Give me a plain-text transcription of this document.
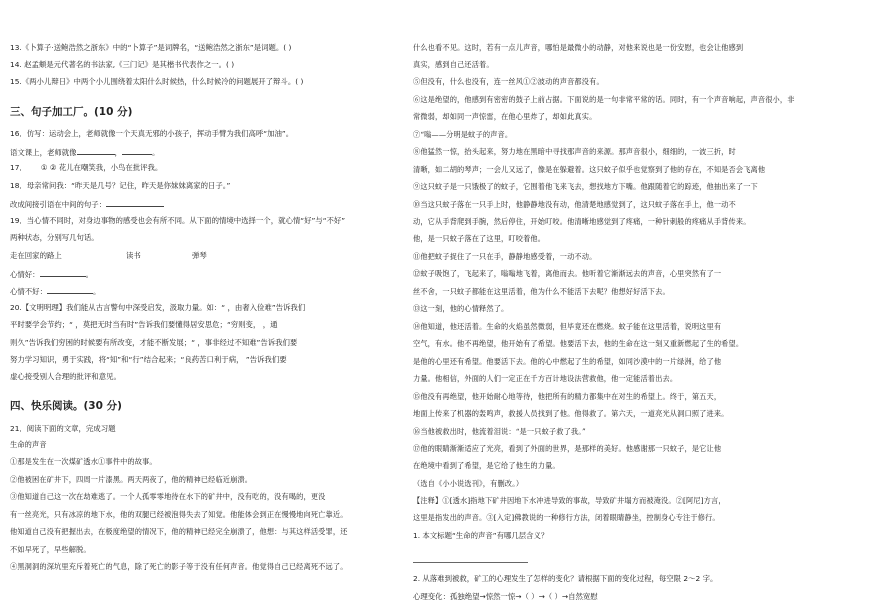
13.《卜算子·送鲍浩然之浙东》中的“卜算子”是词牌名，“送鲍浩然之浙东”是词题。( )
14. 赵孟頫是元代著名的书法家,《三门记》是其楷书代表作之一。( )
15.《两小儿辩日》中两个小儿围绕着太阳什么时候热，什么时候冷的问题展开了辩斗。( )
三、句子加工厂。(10 分)
16．仿写：运动会上，老师就像一个天真无邪的小孩子，挥动手臂为我们高呼“加油”。
语文课上，老师就像	，	。
17． ① ② 花儿在嘲笑我，小鸟在批评我。
18．母亲常问我：“昨天是几号？记住，昨天是你妹妹离家的日子。”
改成间接引语在中间的句子：
19．当心情不同时，对身边事物的感受也会有所不同。从下面的情境中选择一个，就心情“好”与“不好”
两种状态，分别写几句话。
走在回家的路上	读书	弹琴
心情好：	。
心情不好：	。
20.【文明明理】我们能从古言警句中深受启发，汲取力量。如：“ ，由奢入俭难”告诉我们
平时要学会节约；“ ，莫把无时当有时”告诉我们要懂得居安思危；“穷则变， ，通
则久”告诉我们穷困的时候要有所改变，才能不断发展；“ ，事非经过不知难”告诉我们要
努力学习知识，勇于实践，将“知”和“行”结合起来；“良药苦口利于病， ”告诉我们要
虚心接受别人合理的批评和意见。
四、快乐阅读。(30 分)
21．阅读下面的文章，完成习题
生命的声音
①那是发生在一次煤矿透水①事件中的故事。
②他被困在矿井下，四周一片漆黑。两天两夜了，他的精神已经临近崩溃。
③他知道自己这一次在劫难逃了。一个人孤零零地待在水下的矿井中，没有吃的，没有喝的，更没
有一丝亮光，只有冰凉的地下水，他的双腿已经被泡得失去了知觉。他能体会到正在慢慢地向死亡靠近。
他知道自己没有把握出去，在极度绝望的情况下，他的精神已经完全崩溃了，他想：与其这样活受罪，还
不如早死了，早些解脱。
④黑洞洞的深坑里充斥着死亡的气息，除了死亡的影子等于没有任何声音。他觉得自己已经离死不远了。
什么也看不见。这时，若有一点儿声音，哪怕是最微小的动静，对他来说也是一份安慰，也会让他感到
真实，感到自己还活着。
⑤但没有，什么也没有，连一丝风①②波动的声音都没有。
⑥这是绝望的，他感到有密密的鼓子上前占据。下面说的是一句非常平常的话。同时，有一个声音响起，声音很小，非
常微弱，却如同一声惊雷，在他心里炸了，却如此真实。
⑦“嗡——分明是蚊子的声音。
⑧他猛然一惊，抬头起来，努力地在黑暗中寻找那声音的来源。那声音很小，细细的，一波三折，时
清晰，如二胡的琴声；一会儿又远了，像是在躲避着。这只蚊子似乎也觉察到了他的存在，不知是否会飞离他
⑨这只蚊子是一只饿极了的蚊子，它围着他飞来飞去，想找地方下嘴。他跟随着它的踪迹，他抽出来了一下
⑩当这只蚊子落在一只手上时，他静静地没有动，他清楚地感觉到了，这只蚊子落在手上，他一动不
动，它从手背爬到手腕，然后停住，开始叮咬。他清晰地感觉到了疼痛，一种针刺般的疼痛从手背传来。
他，是一只蚊子落在了这里，叮咬着他。
⑪他把蚊子捉住了一只在手，静静地感受着，一动不动。
⑫蚊子吸饱了，飞起来了，嗡嗡地飞着，离他而去。他听着它渐渐远去的声音，心里突然有了一
丝不舍，一只蚊子都能在这里活着，他为什么不能活下去呢？他想好好活下去。
⑬这一刻，他的心情释然了。
⑭他知道，他还活着。生命的火焰虽然微弱，但毕竟还在燃烧。蚊子能在这里活着，说明这里有
空气，有水。他不再绝望，他开始有了希望。他要活下去，他的生命在这一刻又重新燃起了生的希望。
是他的心里还有希望。他要活下去。他的心中燃起了生的希望，如同沙漠中的一片绿洲，给了他
力量。他相信，外面的人们一定正在千方百计地设法营救他，他一定能活着出去。
⑮他没有再绝望，他开始耐心地等待，他把所有的精力都集中在对生的希望上。终于，第五天，
地面上传来了机器的轰鸣声，救援人员找到了他。他得救了。第六天，一道亮光从洞口照了进来。
⑯当他被救出时，他流着泪说：“是一只蚊子救了我。”
⑰他的眼睛渐渐适应了光亮，看到了外面的世界，是那样的美好。他感谢那一只蚊子，是它让他
在绝境中看到了希望，是它给了他生的力量。
（选自《小小说选刊》，有删改。）
【注释】①[透水]指地下矿井因地下水冲进导致的事故，导致矿井塌方而被淹没。②[阿尼]方言，
这里是指发出的声音。③[入定]佛教说的一种修行方法，闭着眼睛静坐，控制身心专注于修行。
1. 本文标题“生命的声音”有哪几层含义？
2. 从落难到被救，矿工的心理发生了怎样的变化？请根据下面的变化过程，每空限 2～2 字。
心理变化：孤独绝望→惊然一惊→（ ）→（ ）→自然宽慰
